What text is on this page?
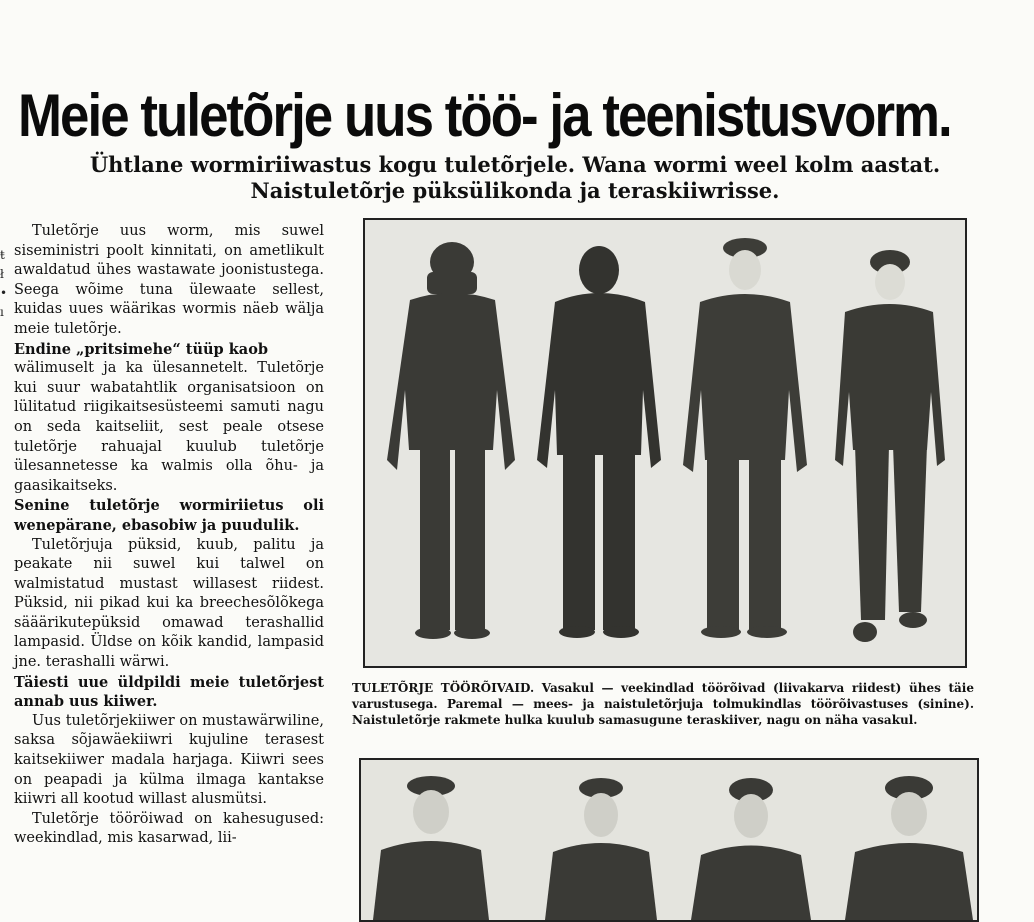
Meie tuletõrje uus töö- ja teenistusvorm.
Ühtlane wormiriiwastus kogu tuletõrjele. Wana wormi weel kolm aastat. Naistuletõrje püksülikonda ja teraskiiwrisse.
ŧ
ł
•
ı

Tuletõrje uus worm, mis suwel siseministri poolt kinnitati, on ametlikult awaldatud ühes wastawate joonistustega. Seega wõime tuna ülewaate sellest, kuidas uues wäärikas wormis näeb wälja meie tuletõrje.

Endine „pritsimehe“ tüüp kaob

wälimuselt ja ka ülesannetelt. Tuletõrje kui suur wabatahtlik organisatsioon on lülitatud riigikaitsesüsteemi samuti nagu on seda kaitseliit, sest peale otsese tuletõrje rahuajal kuulub tuletõrje ülesannetesse ka walmis olla õhu- ja gaasikaitseks.

Senine tuletõrje wormiriietus oli wenepärane, ebasobiw ja puudulik.

Tuletõrjuja püksid, kuub, palitu ja peakate nii suwel kui talwel on walmistatud mustast willasest riidest. Püksid, nii pikad kui ka breechesõlõkega sääärikutepüksid omawad terashallid lampasid. Üldse on kõik kandid, lampasid jne. terashalli wärwi.

Täiesti uue üldpildi meie tuletõrjest annab uus kiiwer.

Uus tuletõrjekiiwer on mustawärwiline, saksa sõjawäekiiwri kujuline terasest kaitsekiiwer madala harjaga. Kiiwri sees on peapadi ja külma ilmaga kantakse kiiwri all kootud willast alusmütsi.

Tuletõrje tööröiwad on kahesugused: weekindlad, mis kasarwad, lii-

TULETÕRJE TÖÖRÕIVAID. Vasakul — veekindlad töörõivad (liivakarva riidest) ühes täie varustusega. Paremal — mees- ja naistuletõrjuja tolmukindlas töörõivastuses (sinine). Naistuletõrje rakmete hulka kuulub samasugune teraskiiver, nagu on näha vasakul.
